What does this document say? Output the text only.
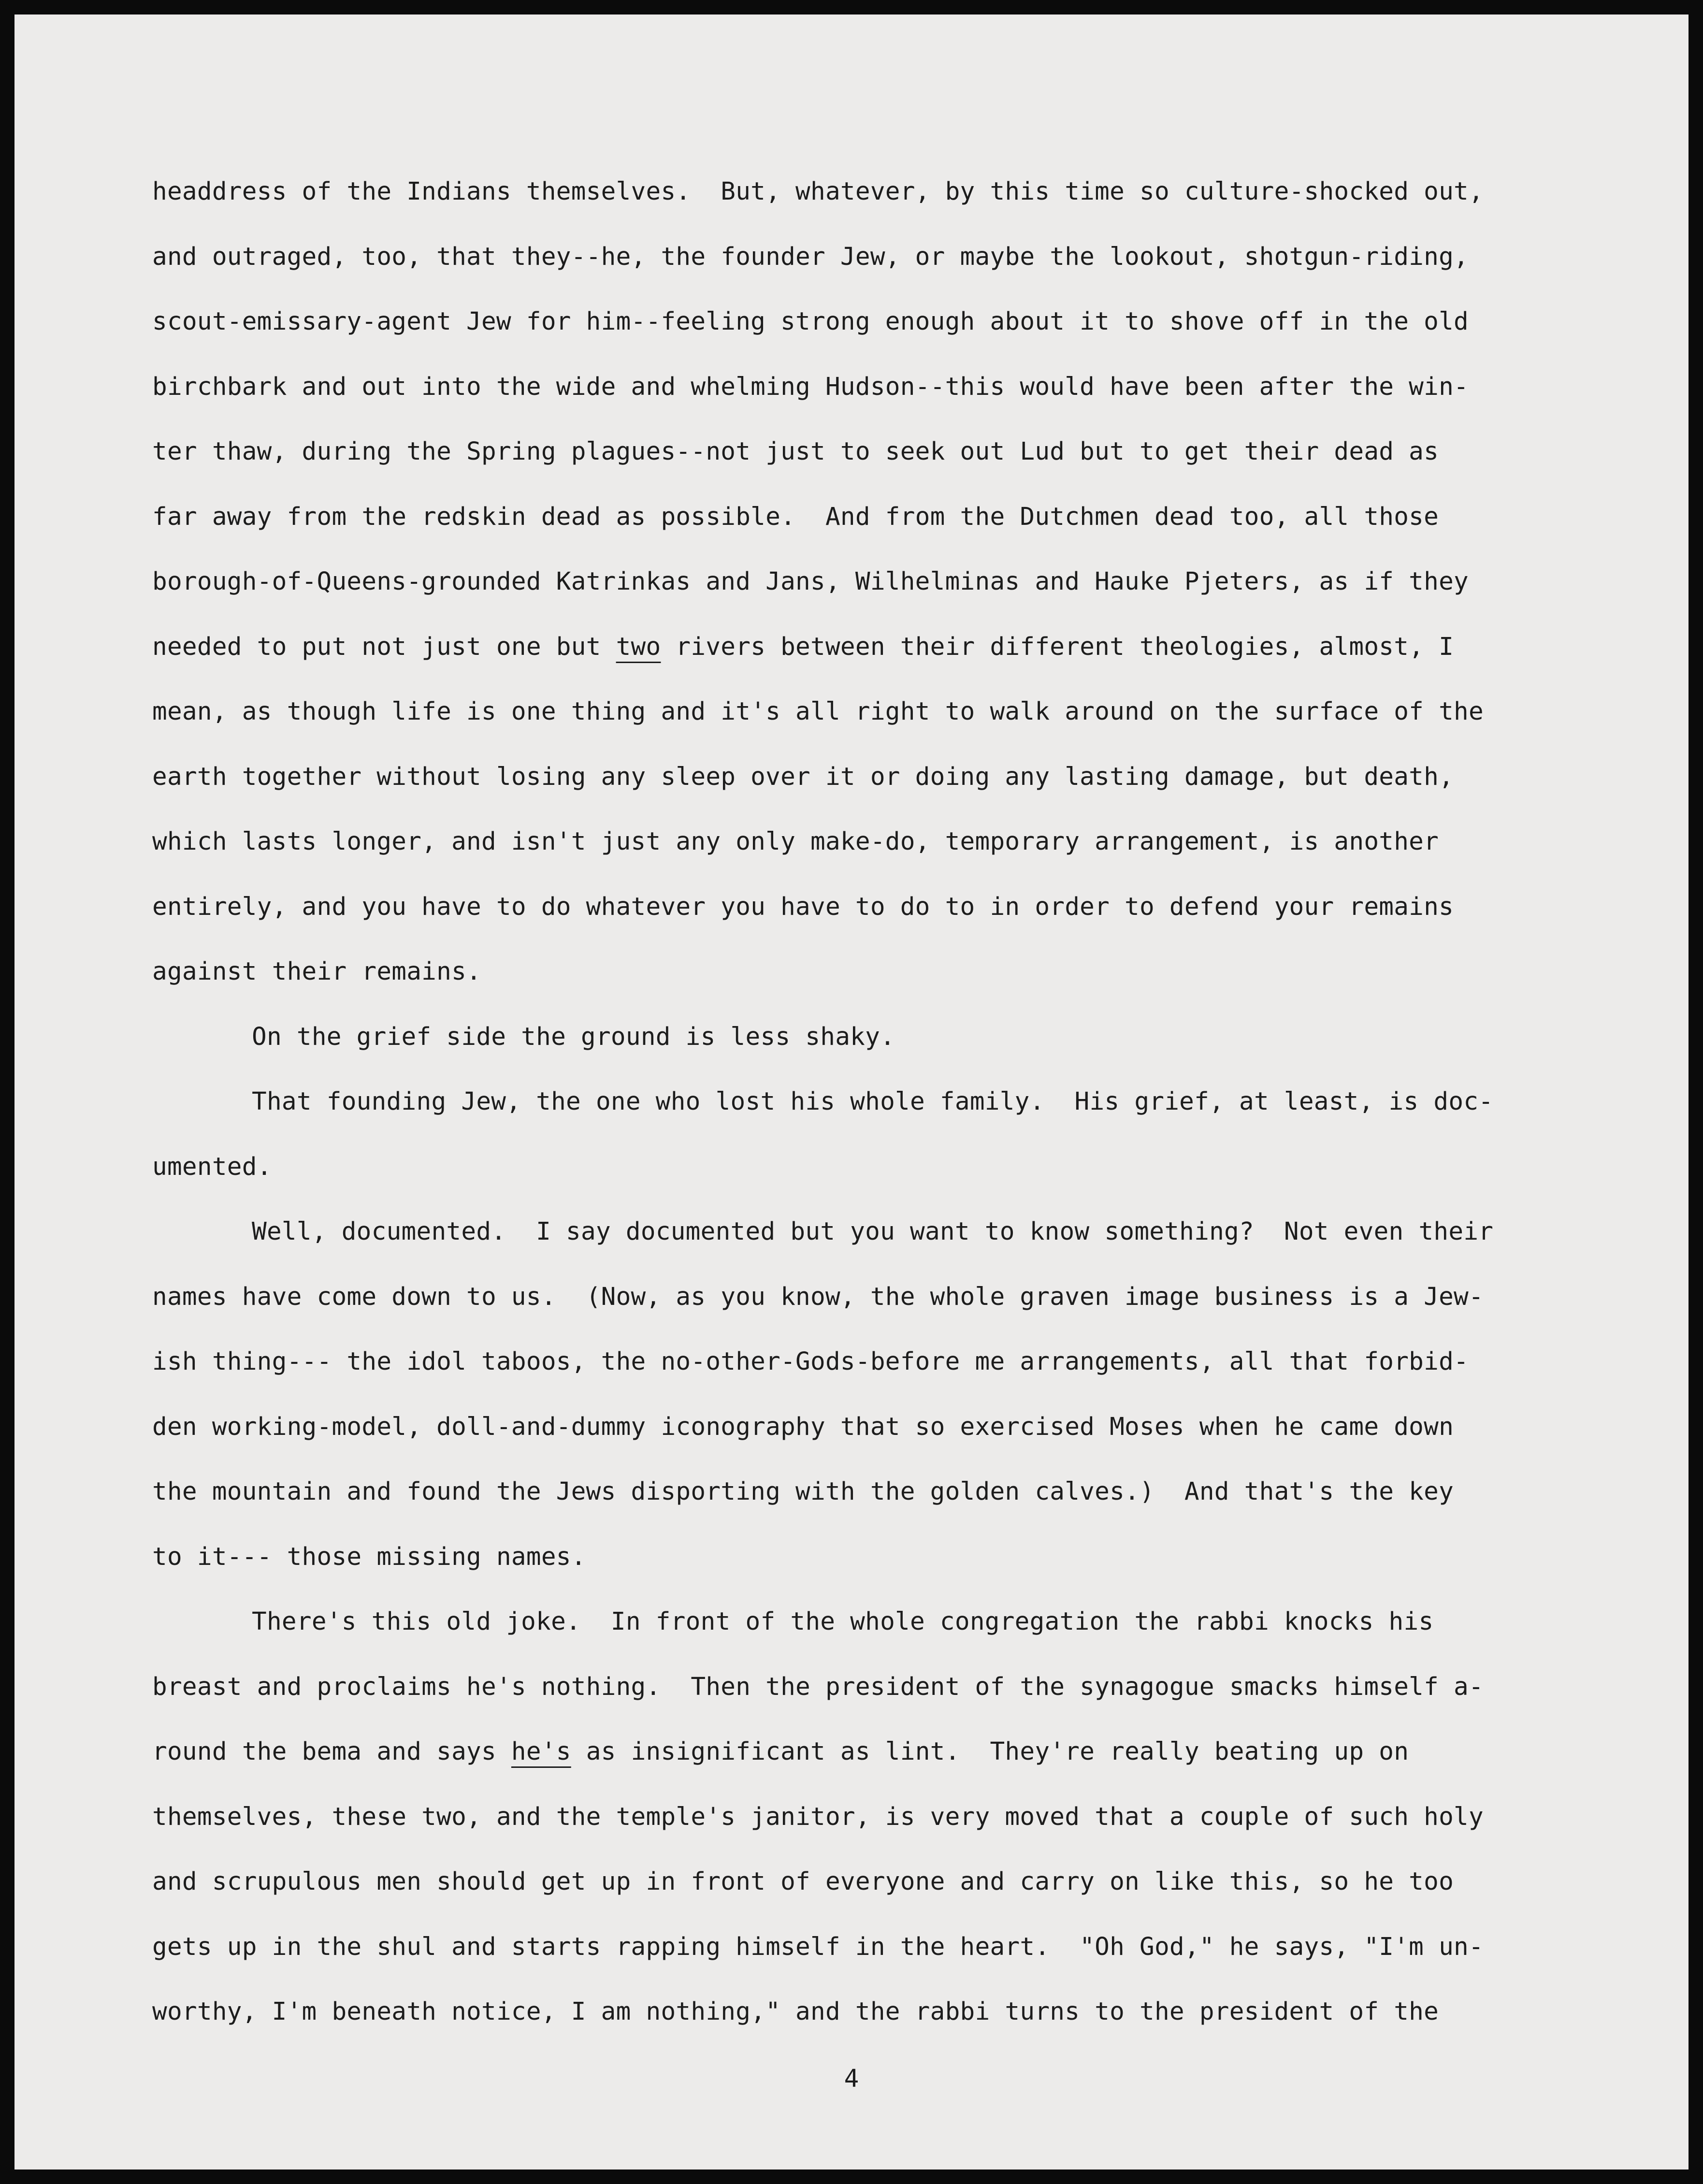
headdress of the Indians themselves.  But, whatever, by this time so culture-shocked out,
and outraged, too, that they--he, the founder Jew, or maybe the lookout, shotgun-riding,
scout-emissary-agent Jew for him--feeling strong enough about it to shove off in the old
birchbark and out into the wide and whelming Hudson--this would have been after the win-
ter thaw, during the Spring plagues--not just to seek out Lud but to get their dead as
far away from the redskin dead as possible.  And from the Dutchmen dead too, all those
borough-of-Queens-grounded Katrinkas and Jans, Wilhelminas and Hauke Pjeters, as if they
needed to put not just one but two rivers between their different theologies, almost, I
mean, as though life is one thing and it's all right to walk around on the surface of the
earth together without losing any sleep over it or doing any lasting damage, but death,
which lasts longer, and isn't just any only make-do, temporary arrangement, is another
entirely, and you have to do whatever you have to do to in order to defend your remains
against their remains.
On the grief side the ground is less shaky.
That founding Jew, the one who lost his whole family.  His grief, at least, is doc-
umented.
Well, documented.  I say documented but you want to know something?  Not even their
names have come down to us.  (Now, as you know, the whole graven image business is a Jew-
ish thing--- the idol taboos, the no-other-Gods-before me arrangements, all that forbid-
den working-model, doll-and-dummy iconography that so exercised Moses when he came down
the mountain and found the Jews disporting with the golden calves.)  And that's the key
to it--- those missing names.
There's this old joke.  In front of the whole congregation the rabbi knocks his
breast and proclaims he's nothing.  Then the president of the synagogue smacks himself a-
round the bema and says he's as insignificant as lint.  They're really beating up on
themselves, these two, and the temple's janitor, is very moved that a couple of such holy
and scrupulous men should get up in front of everyone and carry on like this, so he too
gets up in the shul and starts rapping himself in the heart.  "Oh God," he says, "I'm un-
worthy, I'm beneath notice, I am nothing," and the rabbi turns to the president of the
4
